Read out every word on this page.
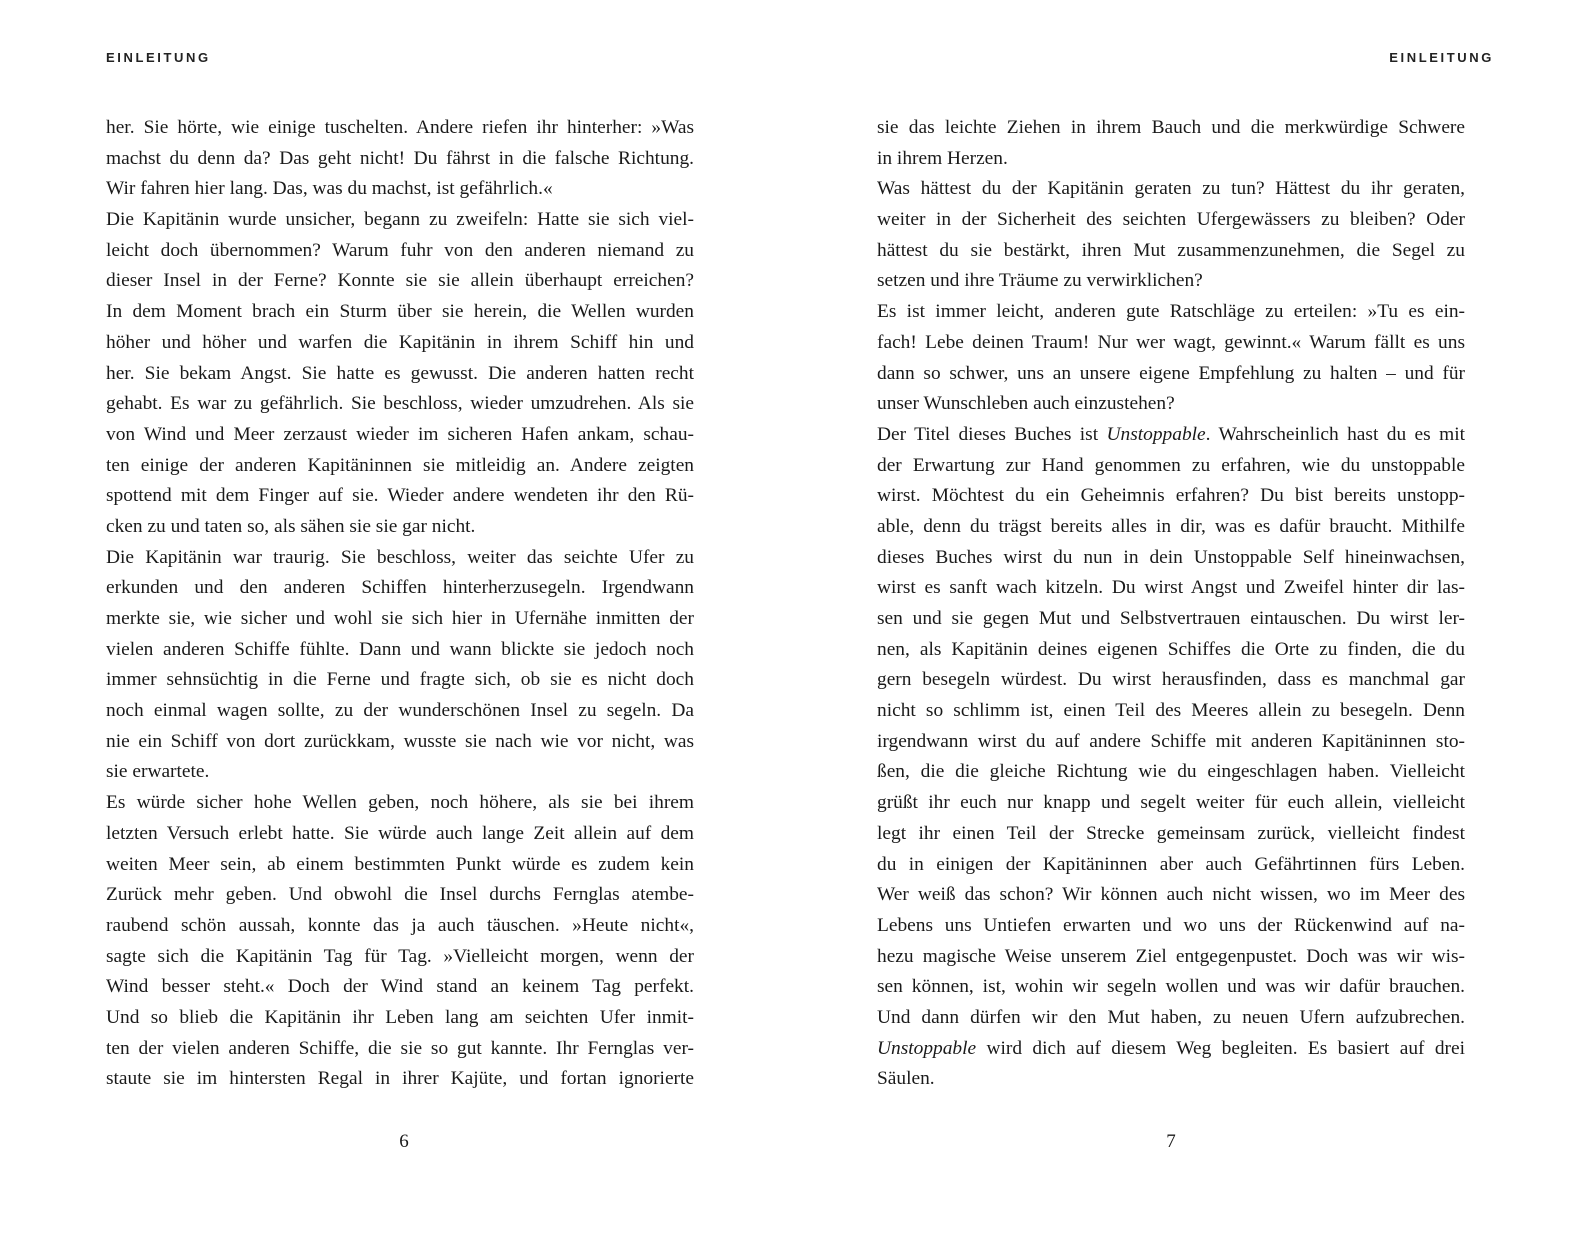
EINLEITUNG
her. Sie hörte, wie einige tuschelten. Andere riefen ihr hinterher: »Was
machst du denn da? Das geht nicht! Du fährst in die falsche Richtung.
Wir fahren hier lang. Das, was du machst, ist gefährlich.«
Die Kapitänin wurde unsicher, begann zu zweifeln: Hatte sie sich viel-
leicht doch übernommen? Warum fuhr von den anderen niemand zu
dieser Insel in der Ferne? Konnte sie sie allein überhaupt erreichen?
In dem Moment brach ein Sturm über sie herein, die Wellen wurden
höher und höher und warfen die Kapitänin in ihrem Schiff hin und
her. Sie bekam Angst. Sie hatte es gewusst. Die anderen hatten recht
gehabt. Es war zu gefährlich. Sie beschloss, wieder umzudrehen. Als sie
von Wind und Meer zerzaust wieder im sicheren Hafen ankam, schau-
ten einige der anderen Kapitäninnen sie mitleidig an. Andere zeigten
spottend mit dem Finger auf sie. Wieder andere wendeten ihr den Rü-
cken zu und taten so, als sähen sie sie gar nicht.
Die Kapitänin war traurig. Sie beschloss, weiter das seichte Ufer zu
erkunden und den anderen Schiffen hinterherzusegeln. Irgendwann
merkte sie, wie sicher und wohl sie sich hier in Ufernähe inmitten der
vielen anderen Schiffe fühlte. Dann und wann blickte sie jedoch noch
immer sehnsüchtig in die Ferne und fragte sich, ob sie es nicht doch
noch einmal wagen sollte, zu der wunderschönen Insel zu segeln. Da
nie ein Schiff von dort zurückkam, wusste sie nach wie vor nicht, was
sie erwartete.
Es würde sicher hohe Wellen geben, noch höhere, als sie bei ihrem
letzten Versuch erlebt hatte. Sie würde auch lange Zeit allein auf dem
weiten Meer sein, ab einem bestimmten Punkt würde es zudem kein
Zurück mehr geben. Und obwohl die Insel durchs Fernglas atembe-
raubend schön aussah, konnte das ja auch täuschen. »Heute nicht«,
sagte sich die Kapitänin Tag für Tag. »Vielleicht morgen, wenn der
Wind besser steht.« Doch der Wind stand an keinem Tag perfekt.
Und so blieb die Kapitänin ihr Leben lang am seichten Ufer inmit-
ten der vielen anderen Schiffe, die sie so gut kannte. Ihr Fernglas ver-
staute sie im hintersten Regal in ihrer Kajüte, und fortan ignorierte
6
EINLEITUNG
sie das leichte Ziehen in ihrem Bauch und die merkwürdige Schwere
in ihrem Herzen.
Was hättest du der Kapitänin geraten zu tun? Hättest du ihr geraten,
weiter in der Sicherheit des seichten Ufergewässers zu bleiben? Oder
hättest du sie bestärkt, ihren Mut zusammenzunehmen, die Segel zu
setzen und ihre Träume zu verwirklichen?
Es ist immer leicht, anderen gute Ratschläge zu erteilen: »Tu es ein-
fach! Lebe deinen Traum! Nur wer wagt, gewinnt.« Warum fällt es uns
dann so schwer, uns an unsere eigene Empfehlung zu halten – und für
unser Wunschleben auch einzustehen?
Der Titel dieses Buches ist Unstoppable. Wahrscheinlich hast du es mit
der Erwartung zur Hand genommen zu erfahren, wie du unstoppable
wirst. Möchtest du ein Geheimnis erfahren? Du bist bereits unstopp-
able, denn du trägst bereits alles in dir, was es dafür braucht. Mithilfe
dieses Buches wirst du nun in dein Unstoppable Self hineinwachsen,
wirst es sanft wach kitzeln. Du wirst Angst und Zweifel hinter dir las-
sen und sie gegen Mut und Selbstvertrauen eintauschen. Du wirst ler-
nen, als Kapitänin deines eigenen Schiffes die Orte zu finden, die du
gern besegeln würdest. Du wirst herausfinden, dass es manchmal gar
nicht so schlimm ist, einen Teil des Meeres allein zu besegeln. Denn
irgendwann wirst du auf andere Schiffe mit anderen Kapitäninnen sto-
ßen, die die gleiche Richtung wie du eingeschlagen haben. Vielleicht
grüßt ihr euch nur knapp und segelt weiter für euch allein, vielleicht
legt ihr einen Teil der Strecke gemeinsam zurück, vielleicht findest
du in einigen der Kapitäninnen aber auch Gefährtinnen fürs Leben.
Wer weiß das schon? Wir können auch nicht wissen, wo im Meer des
Lebens uns Untiefen erwarten und wo uns der Rückenwind auf na-
hezu magische Weise unserem Ziel entgegenpustet. Doch was wir wis-
sen können, ist, wohin wir segeln wollen und was wir dafür brauchen.
Und dann dürfen wir den Mut haben, zu neuen Ufern aufzubrechen.
Unstoppable wird dich auf diesem Weg begleiten. Es basiert auf drei
Säulen.
7
